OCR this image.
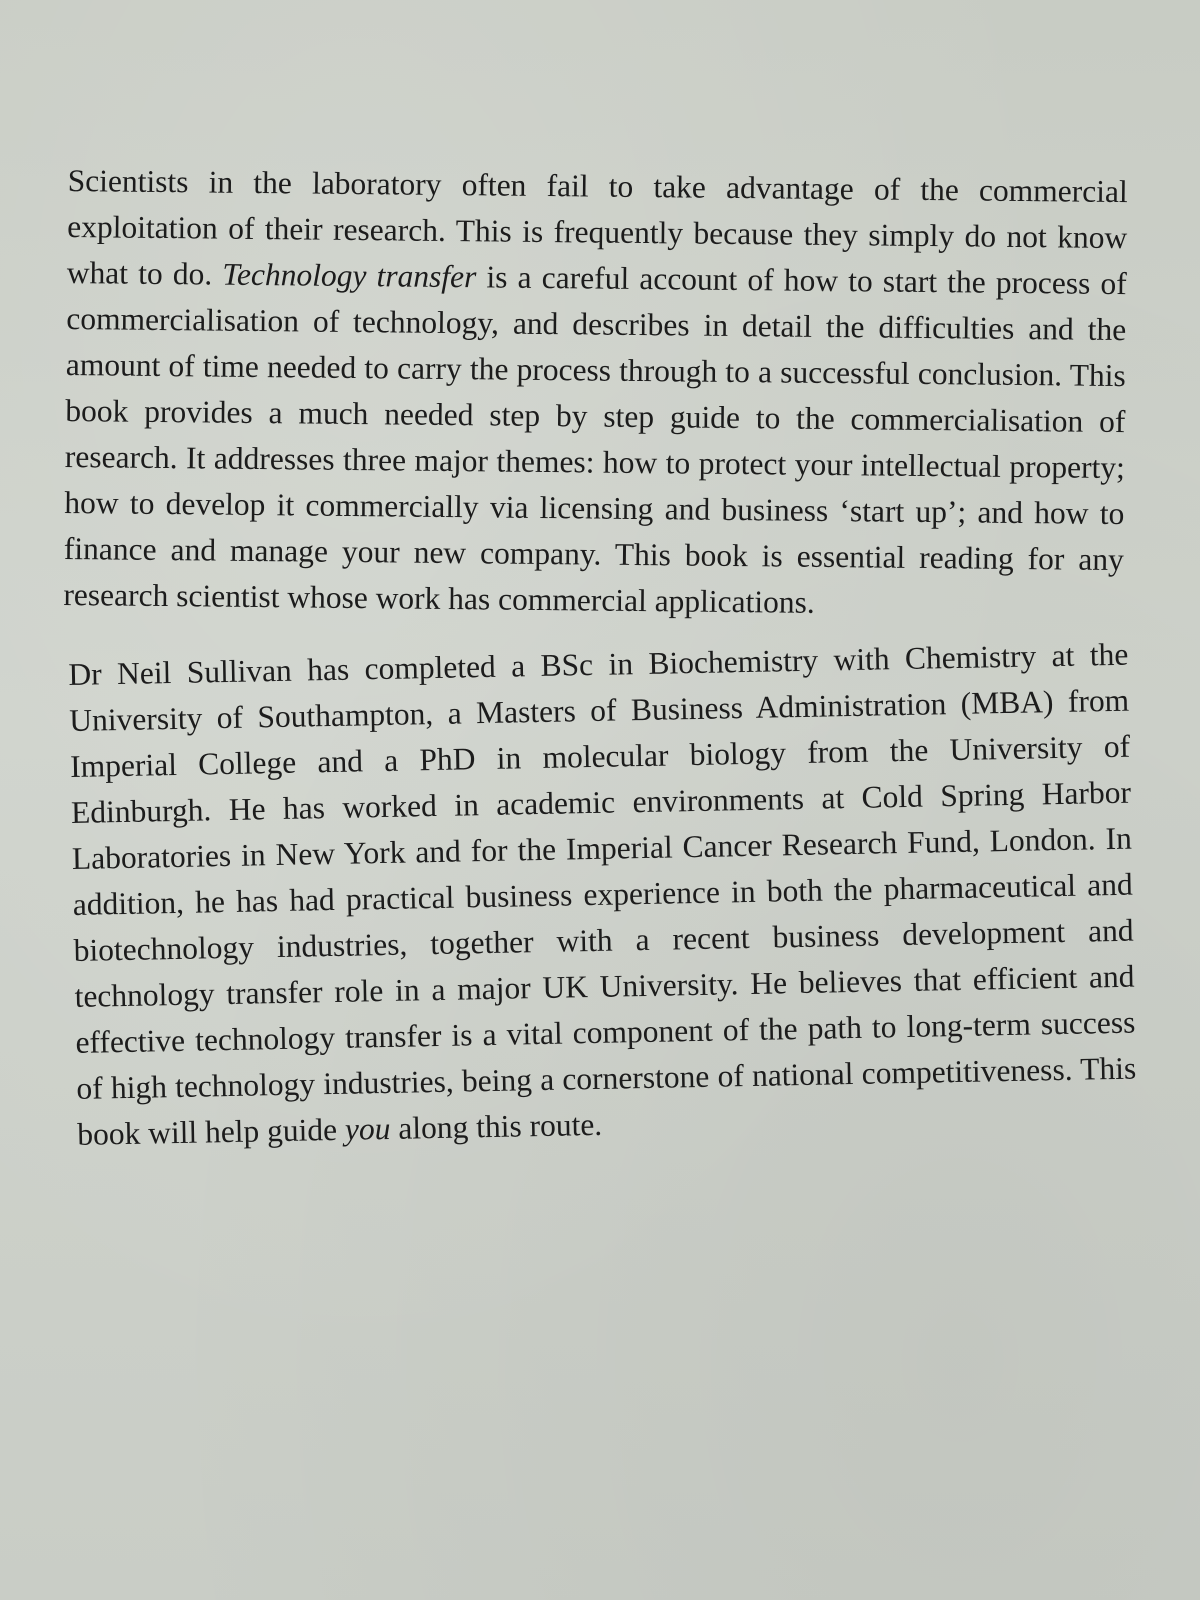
Scientists in the laboratory often fail to take advantage of the commercial exploitation of their research. This is frequently because they simply do not know what to do. Technology transfer is a careful account of how to start the process of commercialisation of technology, and describes in detail the difficulties and the amount of time needed to carry the process through to a successful conclusion. This book provides a much needed step by step guide to the commercialisation of research. It addresses three major themes: how to protect your intellectual property; how to develop it commercially via licensing and business ‘start up’; and how to finance and manage your new company. This book is essential reading for any research scientist whose work has commercial applications.

Dr Neil Sullivan has completed a BSc in Biochemistry with Chemistry at the University of Southampton, a Masters of Business Administration (MBA) from Imperial College and a PhD in molecular biology from the University of Edinburgh. He has worked in academic environments at Cold Spring Harbor Laboratories in New York and for the Imperial Cancer Research Fund, London. In addition, he has had practical business experience in both the pharmaceutical and biotechnology industries, together with a recent business development and technology transfer role in a major UK University. He believes that efficient and effective technology transfer is a vital component of the path to long-term success of high technology industries, being a cornerstone of national competitiveness. This book will help guide you along this route.
